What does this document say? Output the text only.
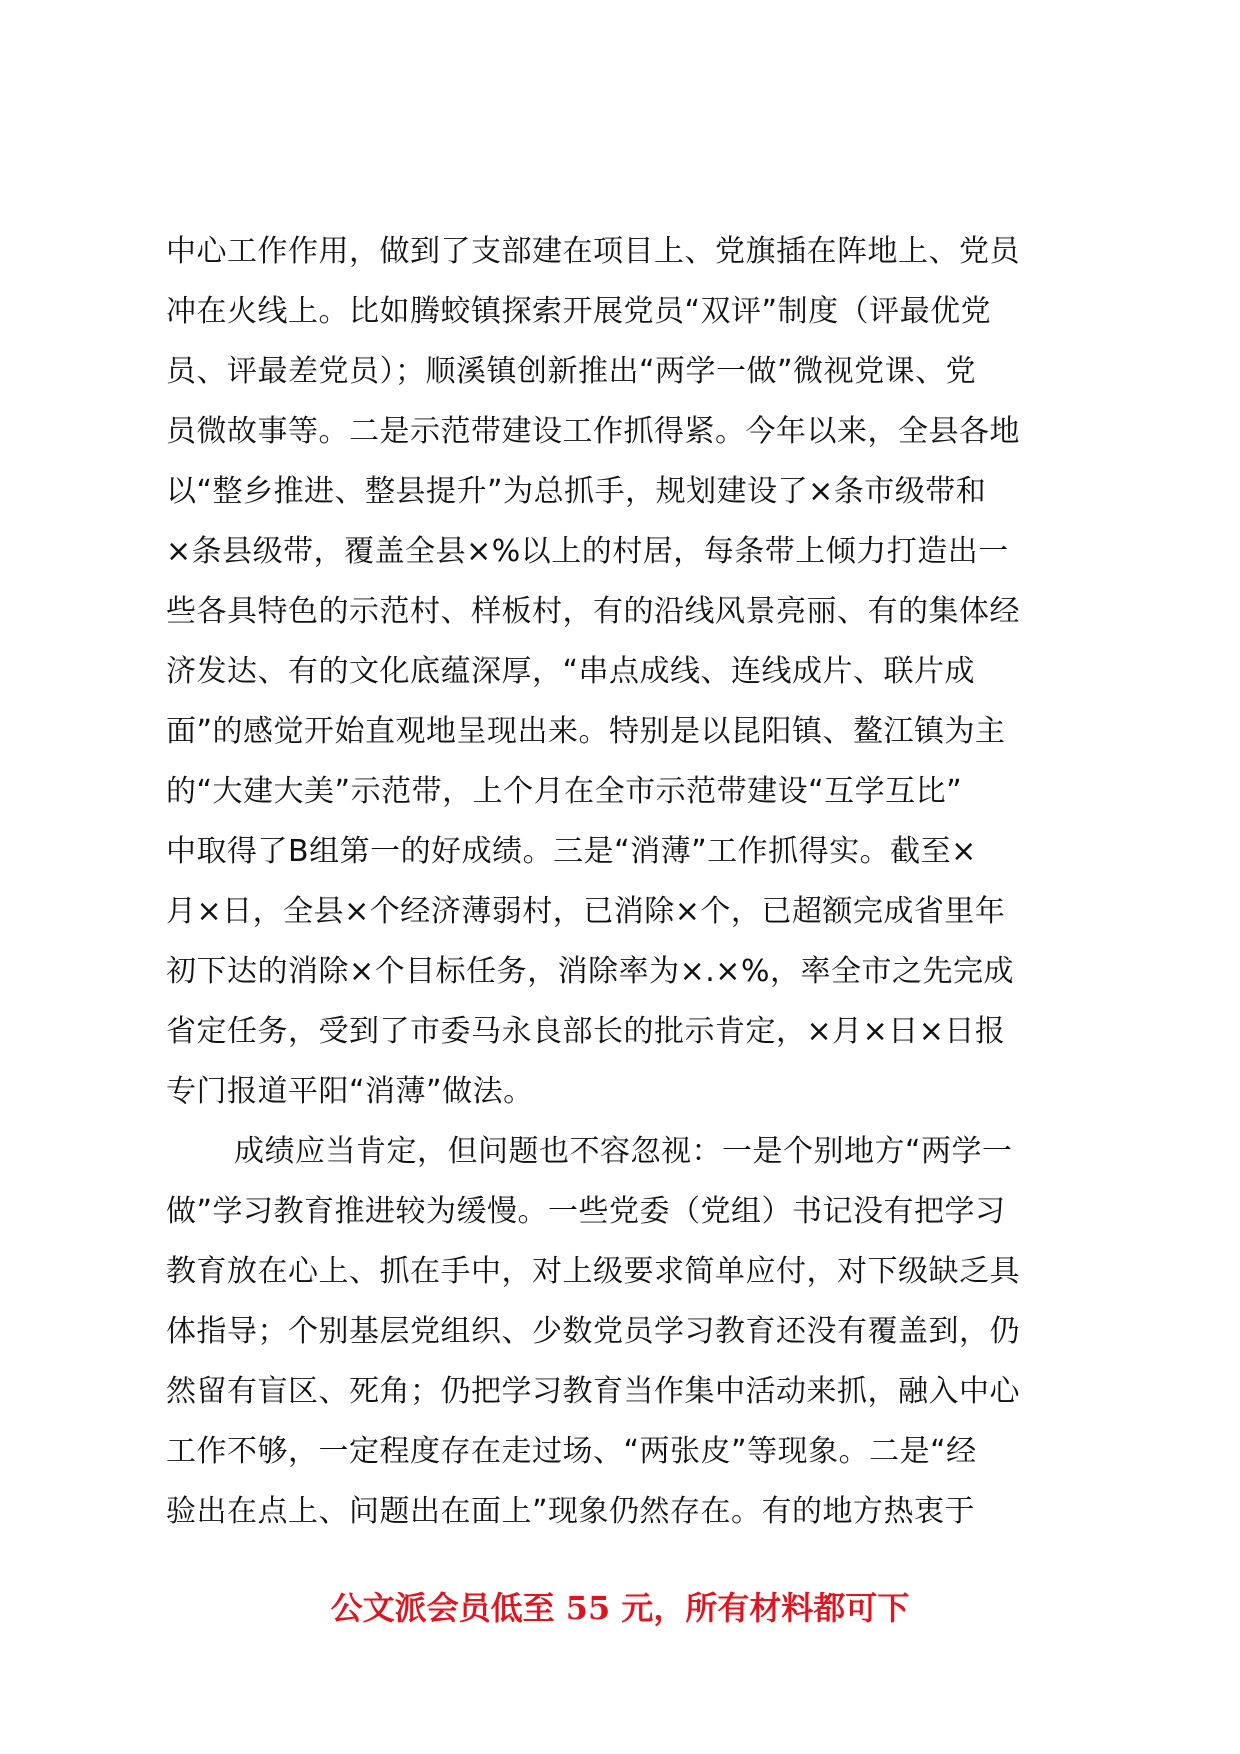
中心工作作用，做到了支部建在项目上、党旗插在阵地上、党员
冲在火线上。比如腾蛟镇探索开展党员“双评”制度（评最优党
员、评最差党员）；顺溪镇创新推出“两学一做”微视党课、党
员微故事等。二是示范带建设工作抓得紧。今年以来，全县各地
以“整乡推进、整县提升”为总抓手，规划建设了×条市级带和
×条县级带，覆盖全县×%以上的村居，每条带上倾力打造出一
些各具特色的示范村、样板村，有的沿线风景亮丽、有的集体经
济发达、有的文化底蕴深厚，“串点成线、连线成片、联片成
面”的感觉开始直观地呈现出来。特别是以昆阳镇、鳌江镇为主
的“大建大美”示范带，上个月在全市示范带建设“互学互比”
中取得了B组第一的好成绩。三是“消薄”工作抓得实。截至×
月×日，全县×个经济薄弱村，已消除×个，已超额完成省里年
初下达的消除×个目标任务，消除率为×.×%，率全市之先完成
省定任务，受到了市委马永良部长的批示肯定，×月×日×日报
专门报道平阳“消薄”做法。
成绩应当肯定，但问题也不容忽视：一是个别地方“两学一
做”学习教育推进较为缓慢。一些党委（党组）书记没有把学习
教育放在心上、抓在手中，对上级要求简单应付，对下级缺乏具
体指导；个别基层党组织、少数党员学习教育还没有覆盖到，仍
然留有盲区、死角；仍把学习教育当作集中活动来抓，融入中心
工作不够，一定程度存在走过场、“两张皮”等现象。二是“经
验出在点上、问题出在面上”现象仍然存在。有的地方热衷于
公文派会员低至 55 元，所有材料都可下
